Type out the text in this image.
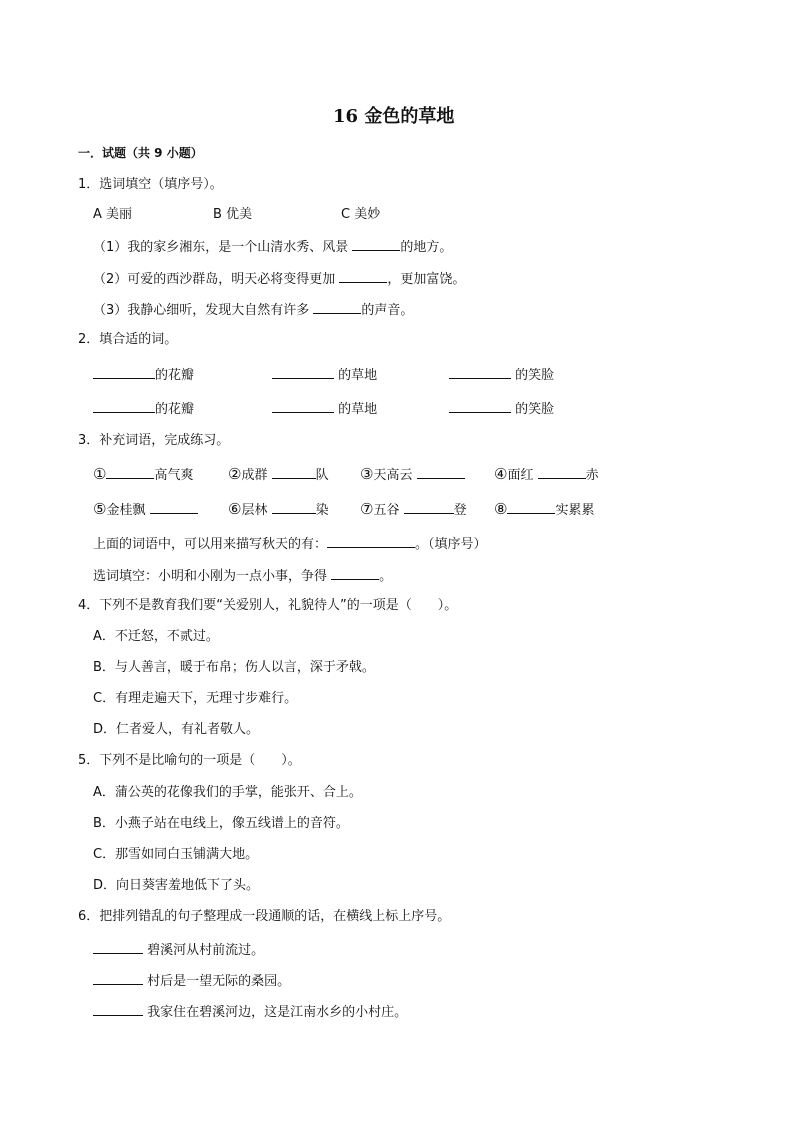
16 金色的草地
一．试题（共 9 小题）
1．选词填空（填序号）。
A 美丽	B 优美	C 美妙
（1）我的家乡湘东，是一个山清水秀、风景	的地方。
（2）可爱的西沙群岛，明天必将变得更加	，更加富饶。
（3）我静心细听，发现大自然有许多	的声音。
2．填合适的词。
的花瓣	的草地	的笑脸
的花瓣	的草地	的笑脸
3．补充词语，完成练习。
①	高气爽 ②成群	队 ③天高云	④面红	赤
⑤金桂飘	⑥层林	染 ⑦五谷	登 ⑧	实累累
上面的词语中，可以用来描写秋天的有：	。（填序号）
选词填空：小明和小刚为一点小事，争得	。
4．下列不是教育我们要“关爱别人，礼貌待人”的一项是（　　）。
A．不迁怒，不贰过。
B．与人善言，暖于布帛；伤人以言，深于矛戟。
C．有理走遍天下，无理寸步难行。
D．仁者爱人，有礼者敬人。
5．下列不是比喻句的一项是（　　）。
A．蒲公英的花像我们的手掌，能张开、合上。
B．小燕子站在电线上，像五线谱上的音符。
C．那雪如同白玉铺满大地。
D．向日葵害羞地低下了头。
6．把排列错乱的句子整理成一段通顺的话，在横线上标上序号。
碧溪河从村前流过。
村后是一望无际的桑园。
我家住在碧溪河边，这是江南水乡的小村庄。
